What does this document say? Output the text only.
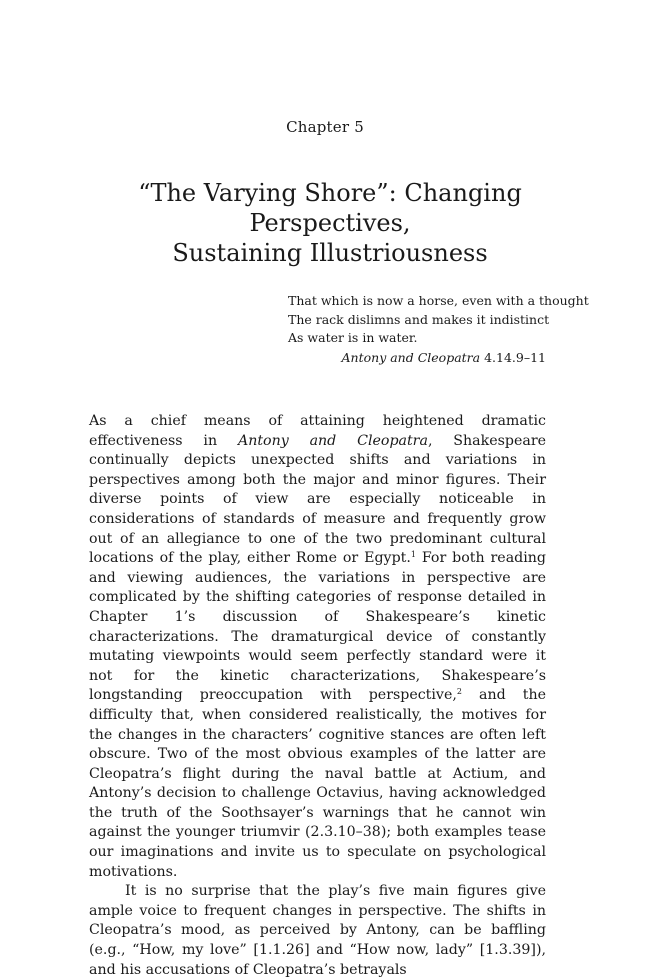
Chapter 5
“The Varying Shore”: Changing Perspectives,
Sustaining Illustriousness
That which is now a horse, even with a thought
The rack dislimns and makes it indistinct
As water is in water.
Antony and Cleopatra 4.14.9–11

As a chief means of attaining heightened dramatic effectiveness in Antony and Cleopatra, Shakespeare continually depicts unexpected shifts and variations in perspectives among both the major and minor figures. Their diverse points of view are especially noticeable in considerations of standards of measure and frequently grow out of an allegiance to one of the two predominant cultural locations of the play, either Rome or Egypt.$^1$ For both reading and viewing audiences, the variations in perspective are complicated by the shifting categories of response detailed in Chapter 1’s discussion of Shakespeare’s kinetic characterizations. The dramaturgical device of constantly mutating viewpoints would seem perfectly standard were it not for the kinetic characterizations, Shakespeare’s longstanding preoccupation with perspective,$^2$ and the difficulty that, when considered realistically, the motives for the changes in the characters’ cognitive stances are often left obscure. Two of the most obvious examples of the latter are Cleopatra’s flight during the naval battle at Actium, and Antony’s decision to challenge Octavius, having acknowledged the truth of the Soothsayer’s warnings that he cannot win against the younger triumvir (2.3.10–38); both examples tease our imaginations and invite us to speculate on psychological motivations.

It is no surprise that the play’s five main figures give ample voice to frequent changes in perspective. The shifts in Cleopatra’s mood, as perceived by Antony, can be baffling (e.g., “How, my love” [1.1.26] and “How now, lady” [1.3.39]), and his accusations of Cleopatra’s betrayals
